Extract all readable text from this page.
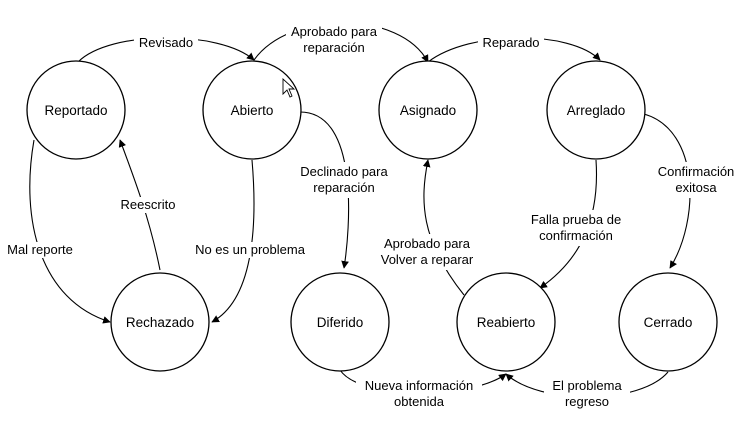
Reportado	Abierto	Asignado	Arreglado
Rechazado	Diferido	Reabierto	Cerrado
Revisado
Aprobado para
reparación	Reparado
Declinado para
reparación
Confirmación
exitosa
Reescrito
Falla prueba de
confirmación
Aprobado para
Volver a reparar
Mal reporte	No es un problema
Nueva información
obtenida
El problema
regreso
